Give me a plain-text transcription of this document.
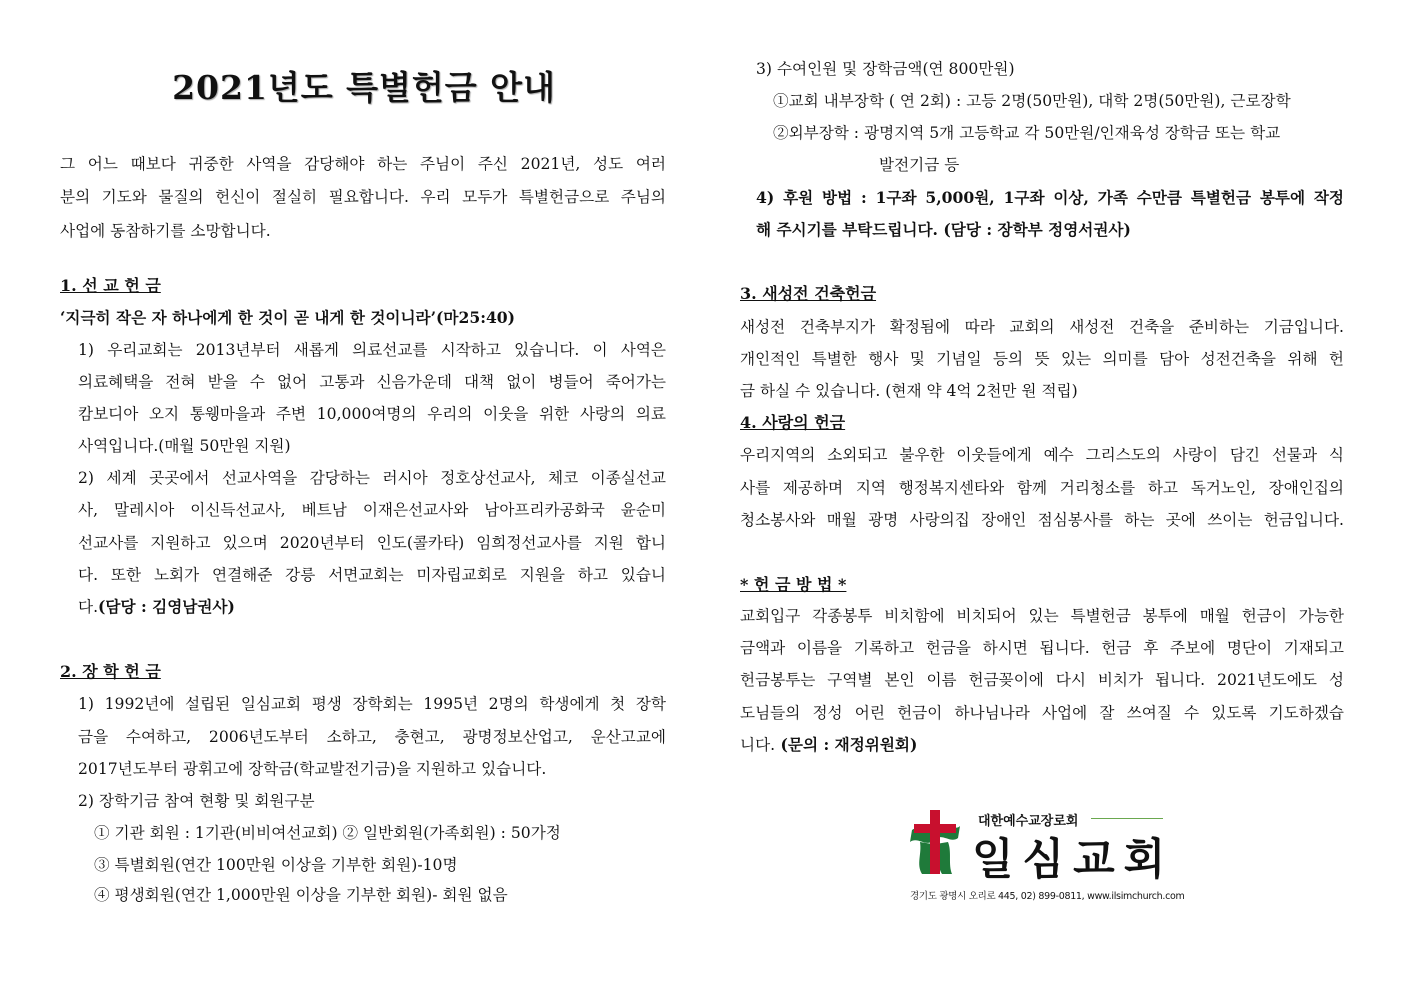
2021년도 특별헌금 안내
그 어느 때보다 귀중한 사역을 감당해야 하는 주님이 주신 2021년, 성도 여러
분의 기도와 물질의 헌신이 절실히 필요합니다. 우리 모두가 특별헌금으로 주님의
사업에 동참하기를 소망합니다.
1. 선 교 헌 금
‘지극히 작은 자 하나에게 한 것이 곧 내게 한 것이니라’(마25:40)
1) 우리교회는 2013년부터 새롭게 의료선교를 시작하고 있습니다. 이 사역은
의료혜택을 전혀 받을 수 없어 고통과 신음가운데 대책 없이 병들어 죽어가는
캄보디아 오지 통웽마을과 주변 10,000여명의 우리의 이웃을 위한 사랑의 의료
사역입니다.(매월 50만원 지원)
2) 세계 곳곳에서 선교사역을 감당하는 러시아 정호상선교사, 체코 이종실선교
사, 말레시아 이신득선교사, 베트남 이재은선교사와 남아프리카공화국 윤순미
선교사를 지원하고 있으며 2020년부터 인도(콜카타) 임희정선교사를 지원 합니
다. 또한 노회가 연결해준 강릉 서면교회는 미자립교회로 지원을 하고 있습니
다.(담당 : 김영남권사)
2. 장 학 헌 금
1) 1992년에 설립된 일심교회 평생 장학회는 1995년 2명의 학생에게 첫 장학
금을 수여하고, 2006년도부터 소하고, 충현고, 광명정보산업고, 운산고교에
2017년도부터 광휘고에 장학금(학교발전기금)을 지원하고 있습니다.
2) 장학기금 참여 현황 및 회원구분
① 기관 회원 : 1기관(비비여선교회) ② 일반회원(가족회원) : 50가정
③ 특별회원(연간 100만원 이상을 기부한 회원)-10명
④ 평생회원(연간 1,000만원 이상을 기부한 회원)- 회원 없음
3) 수여인원 및 장학금액(연 800만원)
①교회 내부장학 ( 연 2회) : 고등 2명(50만원), 대학 2명(50만원), 근로장학
②외부장학 : 광명지역 5개 고등학교 각 50만원/인재육성 장학금 또는 학교
발전기금 등
4) 후원 방법 : 1구좌 5,000원, 1구좌 이상, 가족 수만큼 특별헌금 봉투에 작정
해 주시기를 부탁드립니다. (담당 : 장학부 정영서권사)
3. 새성전 건축헌금
새성전 건축부지가 확정됨에 따라 교회의 새성전 건축을 준비하는 기금입니다.
개인적인 특별한 행사 및 기념일 등의 뜻 있는 의미를 담아 성전건축을 위해 헌
금 하실 수 있습니다. (현재 약 4억 2천만 원 적립)
4. 사랑의 헌금
우리지역의 소외되고 불우한 이웃들에게 예수 그리스도의 사랑이 담긴 선물과 식
사를 제공하며 지역 행정복지센타와 함께 거리청소를 하고 독거노인, 장애인집의
청소봉사와 매월 광명 사랑의집 장애인 점심봉사를 하는 곳에 쓰이는 헌금입니다.
* 헌 금 방 법 *
교회입구 각종봉투 비치함에 비치되어 있는 특별헌금 봉투에 매월 헌금이 가능한
금액과 이름을 기록하고 헌금을 하시면 됩니다. 헌금 후 주보에 명단이 기재되고
헌금봉투는 구역별 본인 이름 헌금꽂이에 다시 비치가 됩니다. 2021년도에도 성
도님들의 정성 어린 헌금이 하나님나라 사업에 잘 쓰여질 수 있도록 기도하겠습
니다. (문의 : 재정위원회)
대한예수교장로회
일심교회
경기도 광명시 오리로 445, 02) 899-0811, www.ilsimchurch.com
